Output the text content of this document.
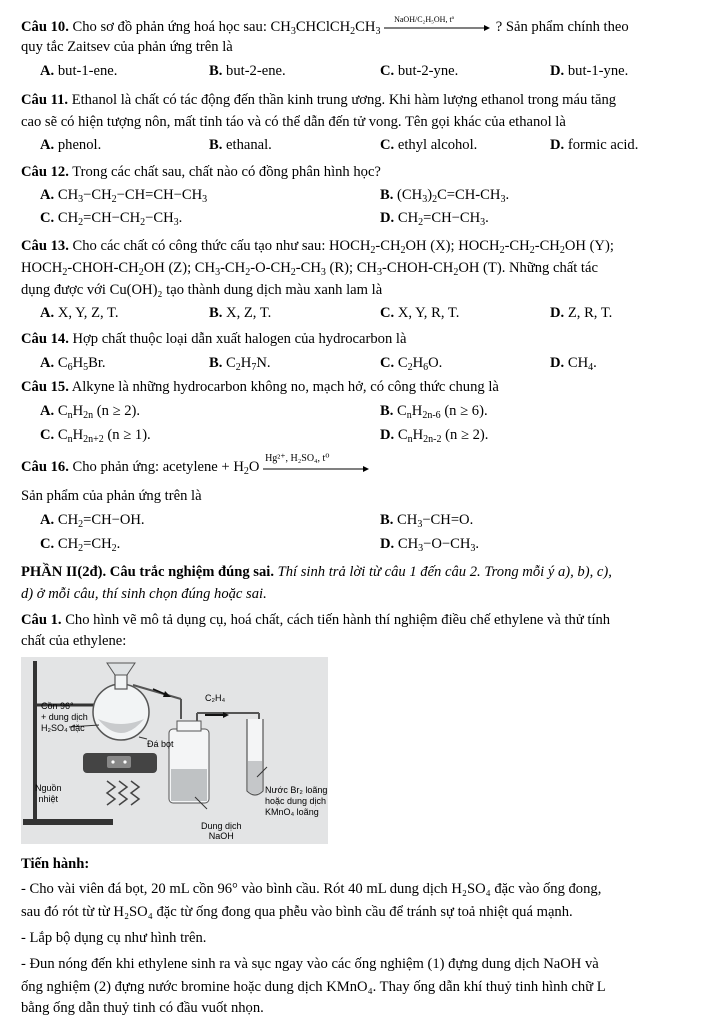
Câu 10. Cho sơ đồ phản ứng hoá học sau: $CH_3CHClCH_2CH_3$
NaOH/C₂H₅OH, tº	? Sản phẩm chính theo
quy tắc Zaitsev của phản ứng trên là
A. but-1-ene.	B. but-2-ene.	C. but-2-yne.	D. but-1-yne.
Câu 11. Ethanol là chất có tác động đến thần kinh trung ương. Khi hàm lượng ethanol trong máu tăng
cao sẽ có hiện tượng nôn, mất tỉnh táo và có thể dẫn đến tử vong. Tên gọi khác của ethanol là
A. phenol.	B. ethanal.	C. ethyl alcohol.	D. formic acid.
Câu 12. Trong các chất sau, chất nào có đồng phân hình học?
A. $CH_3-CH_2-CH=CH-CH_3$	B. $(CH_3)_2C=CH-CH_3$.
C. $CH_2=CH-CH_2-CH_3$.	D. $CH_2=CH-CH_3$.
Câu 13. Cho các chất có công thức cấu tạo như sau: $HOCH_2-CH_2OH$ (X); $HOCH_2-CH_2-CH_2OH$ (Y);
$HOCH_2-CHOH-CH_2OH$ (Z); $CH_3-CH_2-O-CH_2-CH_3$ (R); $CH_3-CHOH-CH_2OH$ (T). Những chất tác
dụng được với Cu(OH)₂ tạo thành dung dịch màu xanh lam là
A. X, Y, Z, T.	B. X, Z, T.	C. X, Y, R, T.	D. Z, R, T.
Câu 14. Hợp chất thuộc loại dẫn xuất halogen của hydrocarbon là
A. $C_6H_5Br$.	B. $C_2H_7N$.	C. $C_2H_6O$.	D. $CH_4$.
Câu 15. Alkyne là những hydrocarbon không no, mạch hở, có công thức chung là
A. $C_nH_{2n}$ (n ≥ 2).	B. $C_nH_{2n-6}$ (n ≥ 6).
C. $C_nH_{2n+2}$ (n ≥ 1).	D. $C_nH_{2n-2}$ (n ≥ 2).
Câu 16. Cho phản ứng: acetylene + $H_2O$
Hg²⁺, H₂SO₄, t⁰
Sản phẩm của phản ứng trên là
A. $CH_2=CH-OH$.	B. $CH_3-CH=O$.
C. $CH_2=CH_2$.	D. $CH_3-O-CH_3$.
PHẦN II(2đ). Câu trắc nghiệm đúng sai. Thí sinh trả lời từ câu 1 đến câu 2. Trong mỗi ý a), b), c),
d) ở mỗi câu, thí sinh chọn đúng hoặc sai.
Câu 1. Cho hình vẽ mô tả dụng cụ, hoá chất, cách tiến hành thí nghiệm điều chế ethylene và thử tính
chất của ethylene:
Cồn 96°
+ dung dịch
H₂SO₄ đặc
Đá bọt
C₂H₄
Nguồn
nhiệt
Dung dịch
NaOH
Nước Br₂ loãng
hoặc dung dịch
KMnO₄ loãng
Tiến hành:
- Cho vài viên đá bọt, 20 mL cồn 96° vào bình cầu. Rót 40 mL dung dịch H₂SO₄ đặc vào ống đong,
sau đó rót từ từ H₂SO₄ đặc từ ống đong qua phễu vào bình cầu để tránh sự toả nhiệt quá mạnh.
- Lắp bộ dụng cụ như hình trên.
- Đun nóng đến khi ethylene sinh ra và sục ngay vào các ống nghiệm (1) đựng dung dịch NaOH và
ống nghiệm (2) đựng nước bromine hoặc dung dịch KMnO₄. Thay ống dẫn khí thuỷ tinh hình chữ L
bằng ống dẫn thuỷ tinh có đầu vuốt nhọn.
